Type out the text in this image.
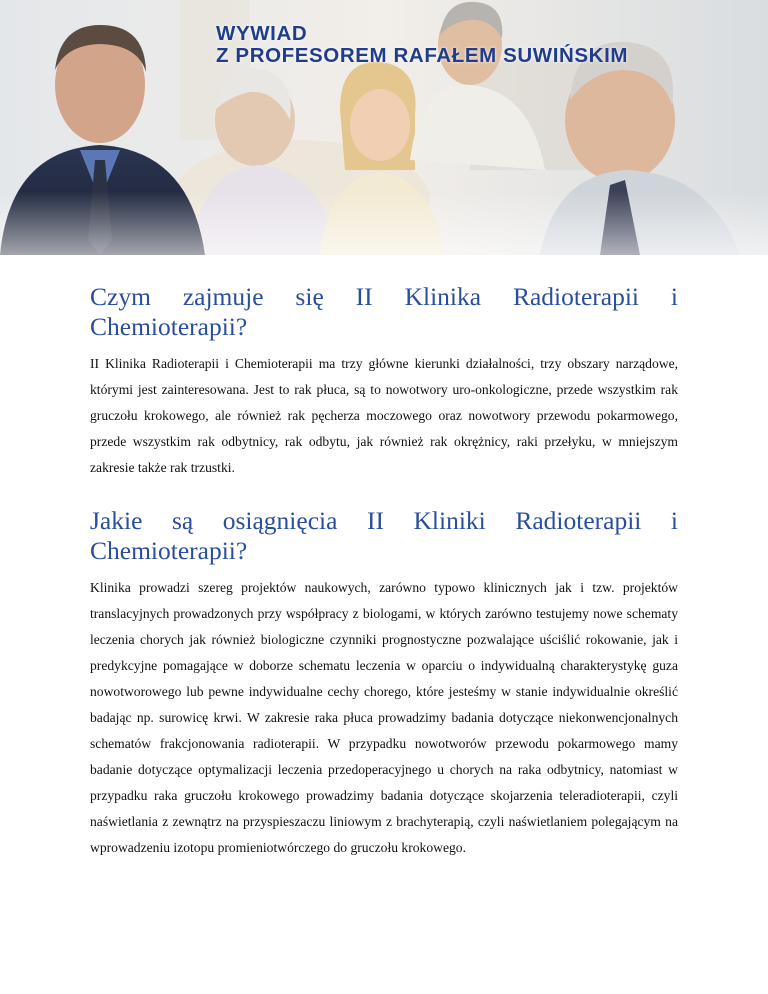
WYWIAD
Z PROFESOREM RAFAŁEM SUWIŃSKIM
Czym zajmuje się II Klinika Radioterapii i
Chemioterapii?

II Klinika Radioterapii i Chemioterapii ma trzy główne kierunki działalności, trzy obszary narządowe, którymi jest zainteresowana. Jest to rak płuca, są to nowotwory uro-onkologiczne, przede wszystkim rak gruczołu krokowego, ale również rak pęcherza moczowego oraz nowotwory przewodu pokarmowego, przede wszystkim rak odbytnicy, rak odbytu, jak również rak okrężnicy, raki przełyku, w mniejszym zakresie także rak trzustki.

Jakie są osiągnięcia II Kliniki Radioterapii i
Chemioterapii?

Klinika prowadzi szereg projektów naukowych, zarówno typowo klinicznych jak i tzw. projektów translacyjnych prowadzonych przy współpracy z biologami, w których zarówno testujemy nowe schematy leczenia chorych jak również biologiczne czynniki prognostyczne pozwalające uściślić rokowanie, jak i predykcyjne pomagające w doborze schematu leczenia w oparciu o indywidualną charakterystykę guza nowotworowego lub pewne indywidualne cechy chorego, które jesteśmy w stanie indywidualnie określić badając np. surowicę krwi. W zakresie raka płuca prowadzimy badania dotyczące niekonwencjonalnych schematów frakcjonowania radioterapii. W przypadku nowotworów przewodu pokarmowego mamy badanie dotyczące optymalizacji leczenia przedoperacyjnego u chorych na raka odbytnicy, natomiast w przypadku raka gruczołu krokowego prowadzimy badania dotyczące skojarzenia teleradioterapii, czyli naświetlania z zewnątrz na przyspieszaczu liniowym z brachyterapią, czyli naświetlaniem polegającym na wprowadzeniu izotopu promieniotwórczego do gruczołu krokowego.
